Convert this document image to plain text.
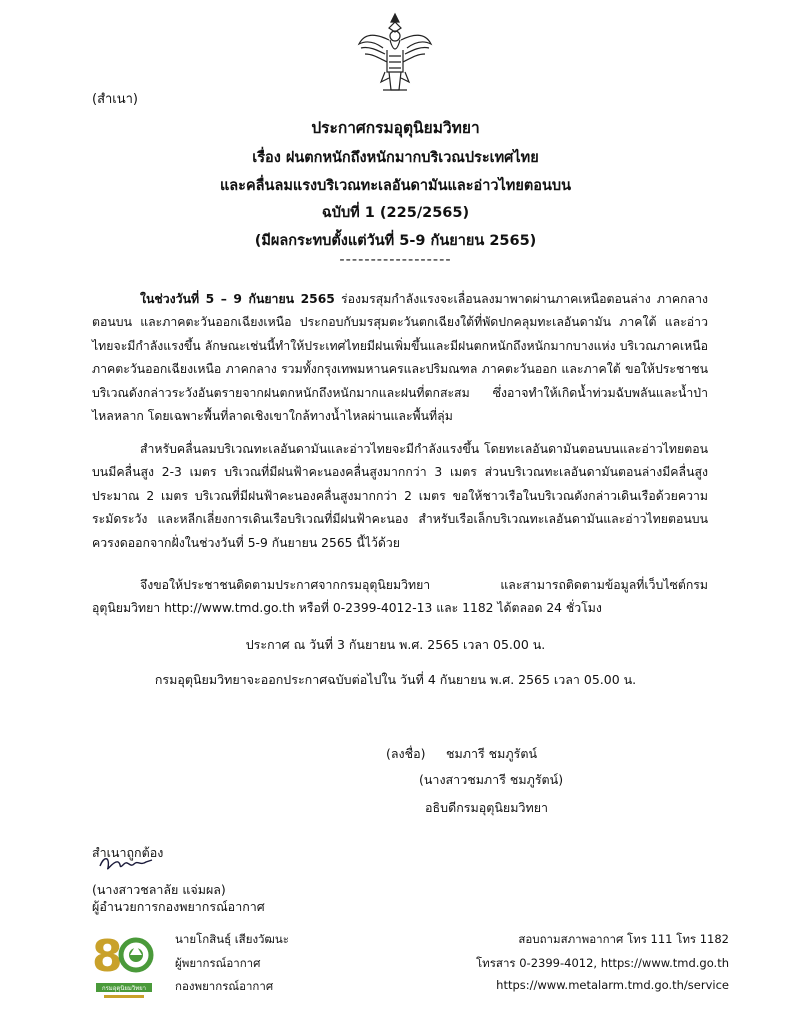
(สำเนา)
ประกาศกรมอุตุนิยมวิทยา
เรื่อง ฝนตกหนักถึงหนักมากบริเวณประเทศไทย
และคลื่นลมแรงบริเวณทะเลอันดามันและอ่าวไทยตอนบน
ฉบับที่ 1 (225/2565)
(มีผลกระทบตั้งแต่วันที่ 5-9 กันยายน 2565)
------------------
ในช่วงวันที่ 5 – 9 กันยายน 2565 ร่องมรสุมกำลังแรงจะเลื่อนลงมาพาดผ่านภาคเหนือตอนล่าง ภาคกลางตอนบน และภาคตะวันออกเฉียงเหนือ ประกอบกับมรสุมตะวันตกเฉียงใต้ที่พัดปกคลุมทะเลอันดามัน ภาคใต้ และอ่าวไทยจะมีกำลังแรงขึ้น ลักษณะเช่นนี้ทำให้ประเทศไทยมีฝนเพิ่มขึ้นและมีฝนตกหนักถึงหนักมากบางแห่ง บริเวณภาคเหนือ ภาคตะวันออกเฉียงเหนือ ภาคกลาง รวมทั้งกรุงเทพมหานครและปริมณฑล ภาคตะวันออก และภาคใต้ ขอให้ประชาชนบริเวณดังกล่าวระวังอันตรายจากฝนตกหนักถึงหนักมากและฝนที่ตกสะสม ซึ่งอาจทำให้เกิดน้ำท่วมฉับพลันและน้ำป่าไหลหลาก โดยเฉพาะพื้นที่ลาดเชิงเขาใกล้ทางน้ำไหลผ่านและพื้นที่ลุ่ม
สำหรับคลื่นลมบริเวณทะเลอันดามันและอ่าวไทยจะมีกำลังแรงขึ้น โดยทะเลอันดามันตอนบนและอ่าวไทยตอนบนมีคลื่นสูง 2-3 เมตร บริเวณที่มีฝนฟ้าคะนองคลื่นสูงมากกว่า 3 เมตร ส่วนบริเวณทะเลอันดามันตอนล่างมีคลื่นสูงประมาณ 2 เมตร บริเวณที่มีฝนฟ้าคะนองคลื่นสูงมากกว่า 2 เมตร ขอให้ชาวเรือในบริเวณดังกล่าวเดินเรือด้วยความระมัดระวัง และหลีกเลี่ยงการเดินเรือบริเวณที่มีฝนฟ้าคะนอง สำหรับเรือเล็กบริเวณทะเลอันดามันและอ่าวไทยตอนบนควรงดออกจากฝั่งในช่วงวันที่ 5-9 กันยายน 2565 นี้ไว้ด้วย
จึงขอให้ประชาชนติดตามประกาศจากกรมอุตุนิยมวิทยา และสามารถติดตามข้อมูลที่เว็บไซต์กรมอุตุนิยมวิทยา http://www.tmd.go.th หรือที่ 0-2399-4012-13 และ 1182 ได้ตลอด 24 ชั่วโมง
ประกาศ ณ วันที่ 3 กันยายน พ.ศ. 2565 เวลา 05.00 น.
กรมอุตุนิยมวิทยาจะออกประกาศฉบับต่อไปใน วันที่ 4 กันยายน พ.ศ. 2565 เวลา 05.00 น.
(ลงชื่อ) ชมภารี ชมภูรัตน์
(นางสาวชมภารี ชมภูรัตน์)
อธิบดีกรมอุตุนิยมวิทยา
สำเนาถูกต้อง
(นางสาวชลาลัย แจ่มผล)
ผู้อำนวยการกองพยากรณ์อากาศ
8
กรมอุตุนิยมวิทยา
นายโกสินธุ์ เสียงวัฒนะ
ผู้พยากรณ์อากาศ
กองพยากรณ์อากาศ
สอบถามสภาพอากาศ โทร 111 โทร 1182
โทรสาร 0-2399-4012, https://www.tmd.go.th
https://www.metalarm.tmd.go.th/service
